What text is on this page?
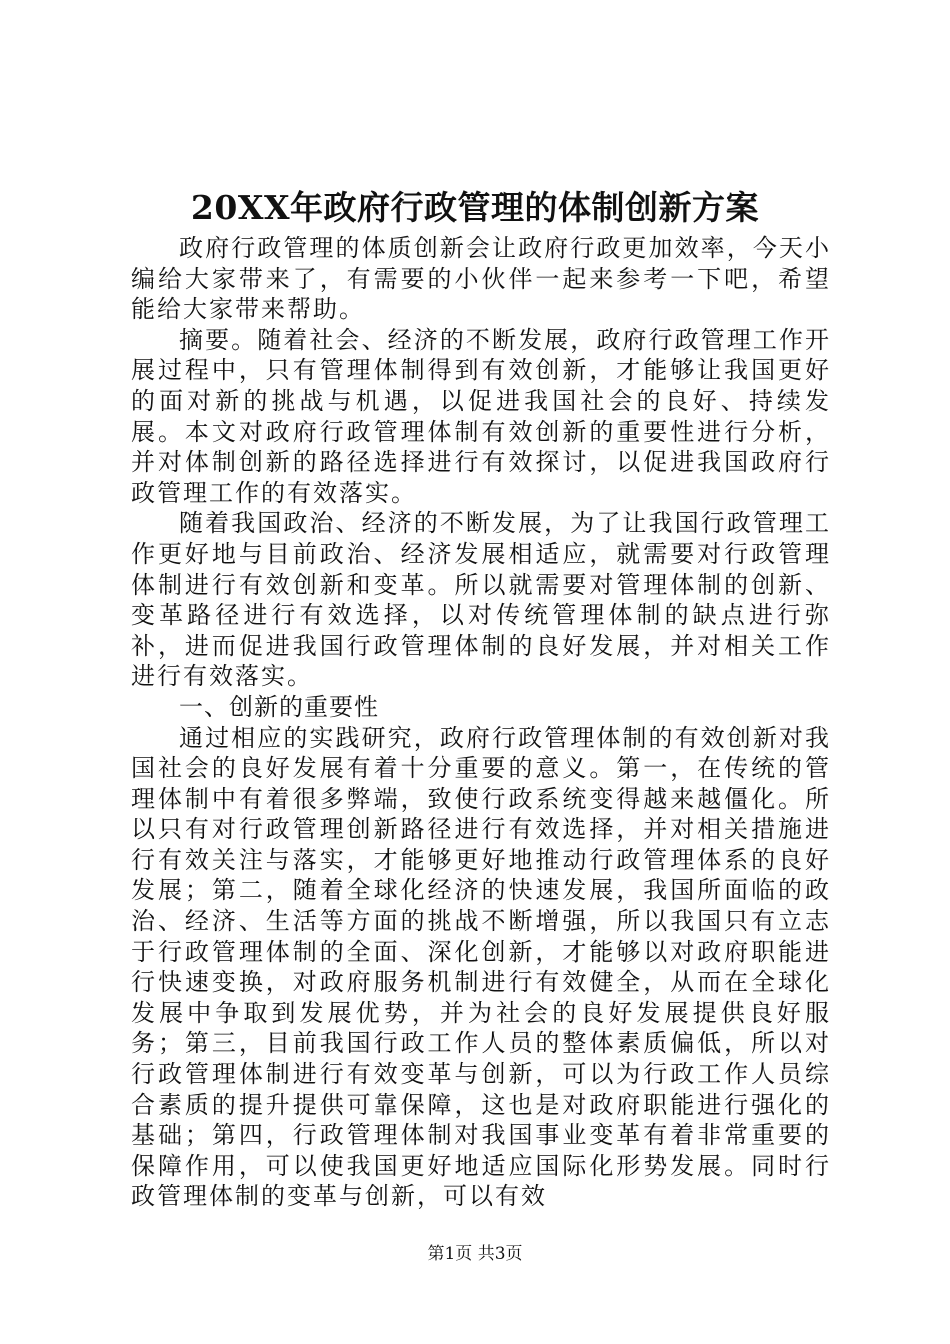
20XX年政府行政管理的体制创新方案

政府行政管理的体质创新会让政府行政更加效率，今天小编给大家带来了，有需要的小伙伴一起来参考一下吧，希望能给大家带来帮助。

摘要。随着社会、经济的不断发展，政府行政管理工作开展过程中，只有管理体制得到有效创新，才能够让我国更好的面对新的挑战与机遇，以促进我国社会的良好、持续发展。本文对政府行政管理体制有效创新的重要性进行分析，并对体制创新的路径选择进行有效探讨，以促进我国政府行政管理工作的有效落实。

随着我国政治、经济的不断发展，为了让我国行政管理工作更好地与目前政治、经济发展相适应，就需要对行政管理体制进行有效创新和变革。所以就需要对管理体制的创新、变革路径进行有效选择，以对传统管理体制的缺点进行弥补，进而促进我国行政管理体制的良好发展，并对相关工作进行有效落实。

一、创新的重要性

通过相应的实践研究，政府行政管理体制的有效创新对我国社会的良好发展有着十分重要的意义。第一，在传统的管理体制中有着很多弊端，致使行政系统变得越来越僵化。所以只有对行政管理创新路径进行有效选择，并对相关措施进行有效关注与落实，才能够更好地推动行政管理体系的良好发展；第二，随着全球化经济的快速发展，我国所面临的政治、经济、生活等方面的挑战不断增强，所以我国只有立志于行政管理体制的全面、深化创新，才能够以对政府职能进行快速变换，对政府服务机制进行有效健全，从而在全球化发展中争取到发展优势，并为社会的良好发展提供良好服务；第三，目前我国行政工作人员的整体素质偏低，所以对行政管理体制进行有效变革与创新，可以为行政工作人员综合素质的提升提供可靠保障，这也是对政府职能进行强化的基础；第四，行政管理体制对我国事业变革有着非常重要的保障作用，可以使我国更好地适应国际化形势发展。同时行政管理体制的变革与创新，可以有效

第1页 共3页
